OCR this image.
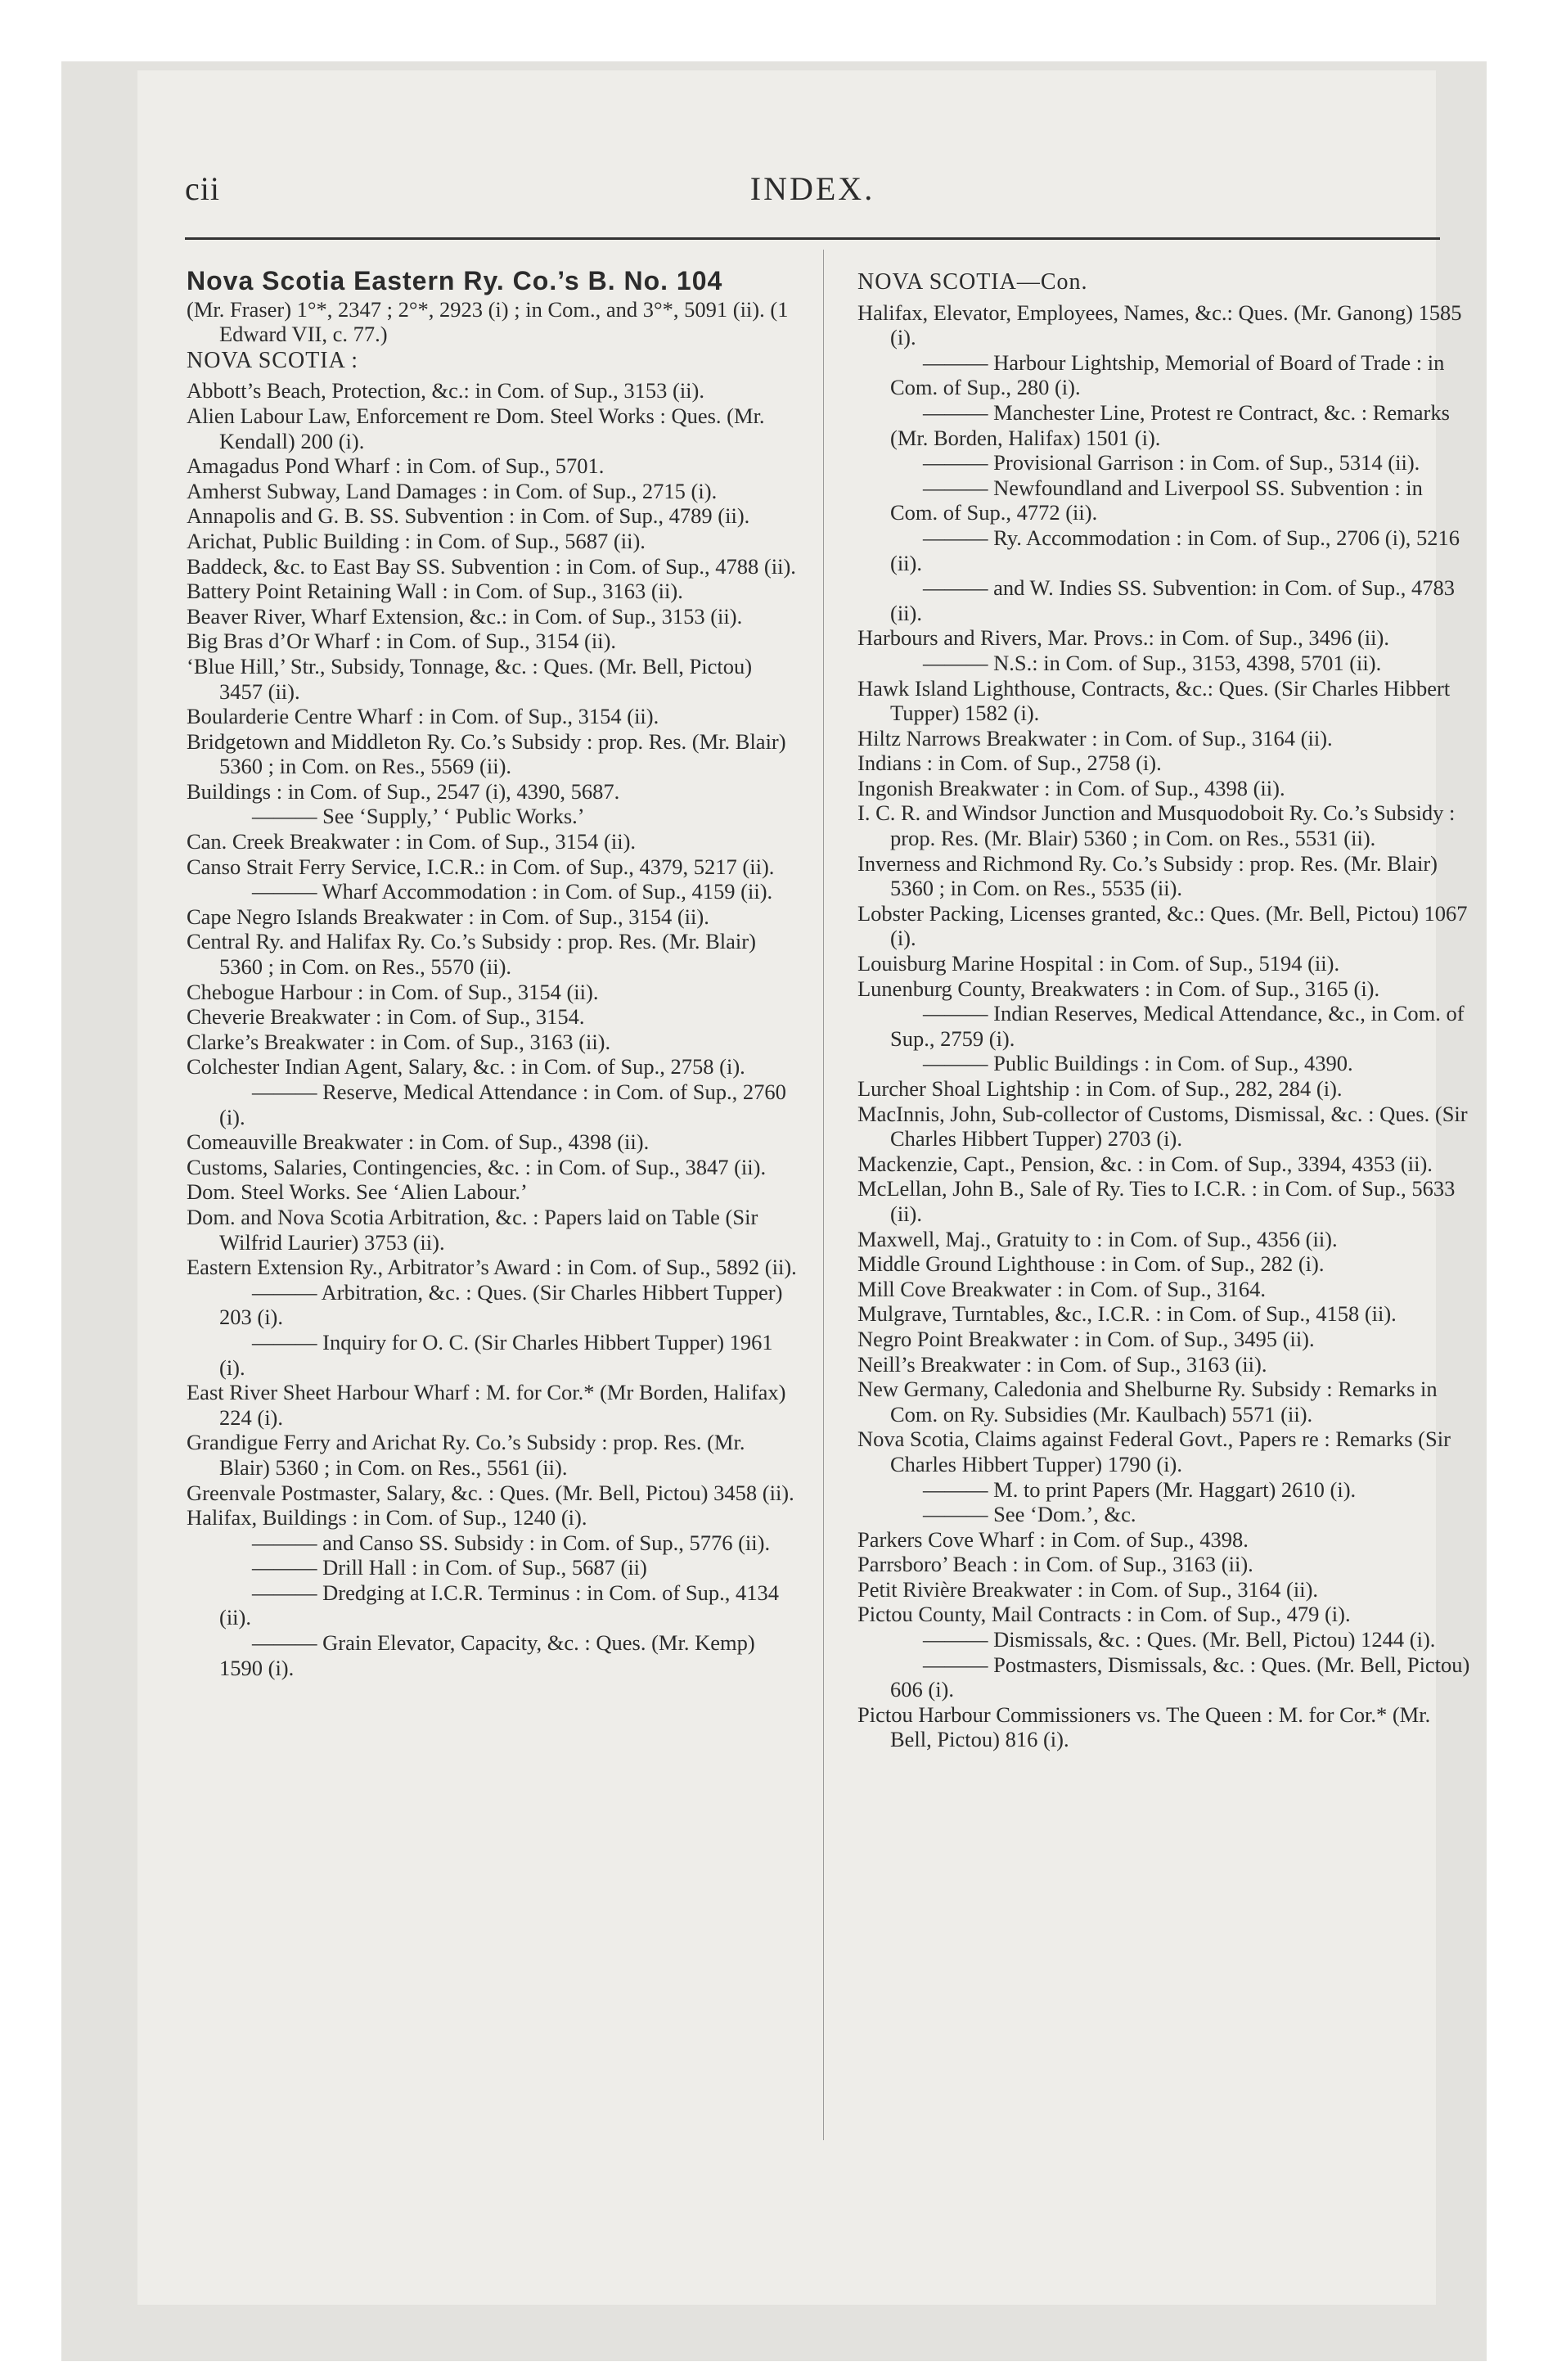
cii	INDEX.

Nova Scotia Eastern Ry. Co.’s B. No. 104

(Mr. Fraser) 1°*, 2347 ; 2°*, 2923 (i) ; in Com., and 3°*, 5091 (ii). (1 Edward VII, c. 77.)

NOVA SCOTIA :

Abbott’s Beach, Protection, &c.: in Com. of Sup., 3153 (ii).

Alien Labour Law, Enforcement re Dom. Steel Works : Ques. (Mr. Kendall) 200 (i).

Amagadus Pond Wharf : in Com. of Sup., 5701.

Amherst Subway, Land Damages : in Com. of Sup., 2715 (i).

Annapolis and G. B. SS. Subvention : in Com. of Sup., 4789 (ii).

Arichat, Public Building : in Com. of Sup., 5687 (ii).

Baddeck, &c. to East Bay SS. Subvention : in Com. of Sup., 4788 (ii).

Battery Point Retaining Wall : in Com. of Sup., 3163 (ii).

Beaver River, Wharf Extension, &c.: in Com. of Sup., 3153 (ii).

Big Bras d’Or Wharf : in Com. of Sup., 3154 (ii).

‘Blue Hill,’ Str., Subsidy, Tonnage, &c. : Ques. (Mr. Bell, Pictou) 3457 (ii).

Boularderie Centre Wharf : in Com. of Sup., 3154 (ii).

Bridgetown and Middleton Ry. Co.’s Subsidy : prop. Res. (Mr. Blair) 5360 ; in Com. on Res., 5569 (ii).

Buildings : in Com. of Sup., 2547 (i), 4390, 5687.

——— See ‘Supply,’ ‘ Public Works.’

Can. Creek Breakwater : in Com. of Sup., 3154 (ii).

Canso Strait Ferry Service, I.C.R.: in Com. of Sup., 4379, 5217 (ii).

——— Wharf Accommodation : in Com. of Sup., 4159 (ii).

Cape Negro Islands Breakwater : in Com. of Sup., 3154 (ii).

Central Ry. and Halifax Ry. Co.’s Subsidy : prop. Res. (Mr. Blair) 5360 ; in Com. on Res., 5570 (ii).

Chebogue Harbour : in Com. of Sup., 3154 (ii).

Cheverie Breakwater : in Com. of Sup., 3154.

Clarke’s Breakwater : in Com. of Sup., 3163 (ii).

Colchester Indian Agent, Salary, &c. : in Com. of Sup., 2758 (i).

——— Reserve, Medical Attendance : in Com. of Sup., 2760 (i).

Comeauville Breakwater : in Com. of Sup., 4398 (ii).

Customs, Salaries, Contingencies, &c. : in Com. of Sup., 3847 (ii).

Dom. Steel Works. See ‘Alien Labour.’

Dom. and Nova Scotia Arbitration, &c. : Papers laid on Table (Sir Wilfrid Laurier) 3753 (ii).

Eastern Extension Ry., Arbitrator’s Award : in Com. of Sup., 5892 (ii).

——— Arbitration, &c. : Ques. (Sir Charles Hibbert Tupper) 203 (i).

——— Inquiry for O. C. (Sir Charles Hibbert Tupper) 1961 (i).

East River Sheet Harbour Wharf : M. for Cor.* (Mr Borden, Halifax) 224 (i).

Grandigue Ferry and Arichat Ry. Co.’s Subsidy : prop. Res. (Mr. Blair) 5360 ; in Com. on Res., 5561 (ii).

Greenvale Postmaster, Salary, &c. : Ques. (Mr. Bell, Pictou) 3458 (ii).

Halifax, Buildings : in Com. of Sup., 1240 (i).

——— and Canso SS. Subsidy : in Com. of Sup., 5776 (ii).

——— Drill Hall : in Com. of Sup., 5687 (ii)

——— Dredging at I.C.R. Terminus : in Com. of Sup., 4134 (ii).

——— Grain Elevator, Capacity, &c. : Ques. (Mr. Kemp) 1590 (i).

NOVA SCOTIA—Con.

Halifax, Elevator, Employees, Names, &c.: Ques. (Mr. Ganong) 1585 (i).

——— Harbour Lightship, Memorial of Board of Trade : in Com. of Sup., 280 (i).

——— Manchester Line, Protest re Contract, &c. : Remarks (Mr. Borden, Halifax) 1501 (i).

——— Provisional Garrison : in Com. of Sup., 5314 (ii).

——— Newfoundland and Liverpool SS. Subvention : in Com. of Sup., 4772 (ii).

——— Ry. Accommodation : in Com. of Sup., 2706 (i), 5216 (ii).

——— and W. Indies SS. Subvention: in Com. of Sup., 4783 (ii).

Harbours and Rivers, Mar. Provs.: in Com. of Sup., 3496 (ii).

——— N.S.: in Com. of Sup., 3153, 4398, 5701 (ii).

Hawk Island Lighthouse, Contracts, &c.: Ques. (Sir Charles Hibbert Tupper) 1582 (i).

Hiltz Narrows Breakwater : in Com. of Sup., 3164 (ii).

Indians : in Com. of Sup., 2758 (i).

Ingonish Breakwater : in Com. of Sup., 4398 (ii).

I. C. R. and Windsor Junction and Musquodoboit Ry. Co.’s Subsidy : prop. Res. (Mr. Blair) 5360 ; in Com. on Res., 5531 (ii).

Inverness and Richmond Ry. Co.’s Subsidy : prop. Res. (Mr. Blair) 5360 ; in Com. on Res., 5535 (ii).

Lobster Packing, Licenses granted, &c.: Ques. (Mr. Bell, Pictou) 1067 (i).

Louisburg Marine Hospital : in Com. of Sup., 5194 (ii).

Lunenburg County, Breakwaters : in Com. of Sup., 3165 (i).

——— Indian Reserves, Medical Attendance, &c., in Com. of Sup., 2759 (i).

——— Public Buildings : in Com. of Sup., 4390.

Lurcher Shoal Lightship : in Com. of Sup., 282, 284 (i).

MacInnis, John, Sub-collector of Customs, Dismissal, &c. : Ques. (Sir Charles Hibbert Tupper) 2703 (i).

Mackenzie, Capt., Pension, &c. : in Com. of Sup., 3394, 4353 (ii).

McLellan, John B., Sale of Ry. Ties to I.C.R. : in Com. of Sup., 5633 (ii).

Maxwell, Maj., Gratuity to : in Com. of Sup., 4356 (ii).

Middle Ground Lighthouse : in Com. of Sup., 282 (i).

Mill Cove Breakwater : in Com. of Sup., 3164.

Mulgrave, Turntables, &c., I.C.R. : in Com. of Sup., 4158 (ii).

Negro Point Breakwater : in Com. of Sup., 3495 (ii).

Neill’s Breakwater : in Com. of Sup., 3163 (ii).

New Germany, Caledonia and Shelburne Ry. Subsidy : Remarks in Com. on Ry. Subsidies (Mr. Kaulbach) 5571 (ii).

Nova Scotia, Claims against Federal Govt., Papers re : Remarks (Sir Charles Hibbert Tupper) 1790 (i).

——— M. to print Papers (Mr. Haggart) 2610 (i).

——— See ‘Dom.’, &c.

Parkers Cove Wharf : in Com. of Sup., 4398.

Parrsboro’ Beach : in Com. of Sup., 3163 (ii).

Petit Rivière Breakwater : in Com. of Sup., 3164 (ii).

Pictou County, Mail Contracts : in Com. of Sup., 479 (i).

——— Dismissals, &c. : Ques. (Mr. Bell, Pictou) 1244 (i).

——— Postmasters, Dismissals, &c. : Ques. (Mr. Bell, Pictou) 606 (i).

Pictou Harbour Commissioners vs. The Queen : M. for Cor.* (Mr. Bell, Pictou) 816 (i).
